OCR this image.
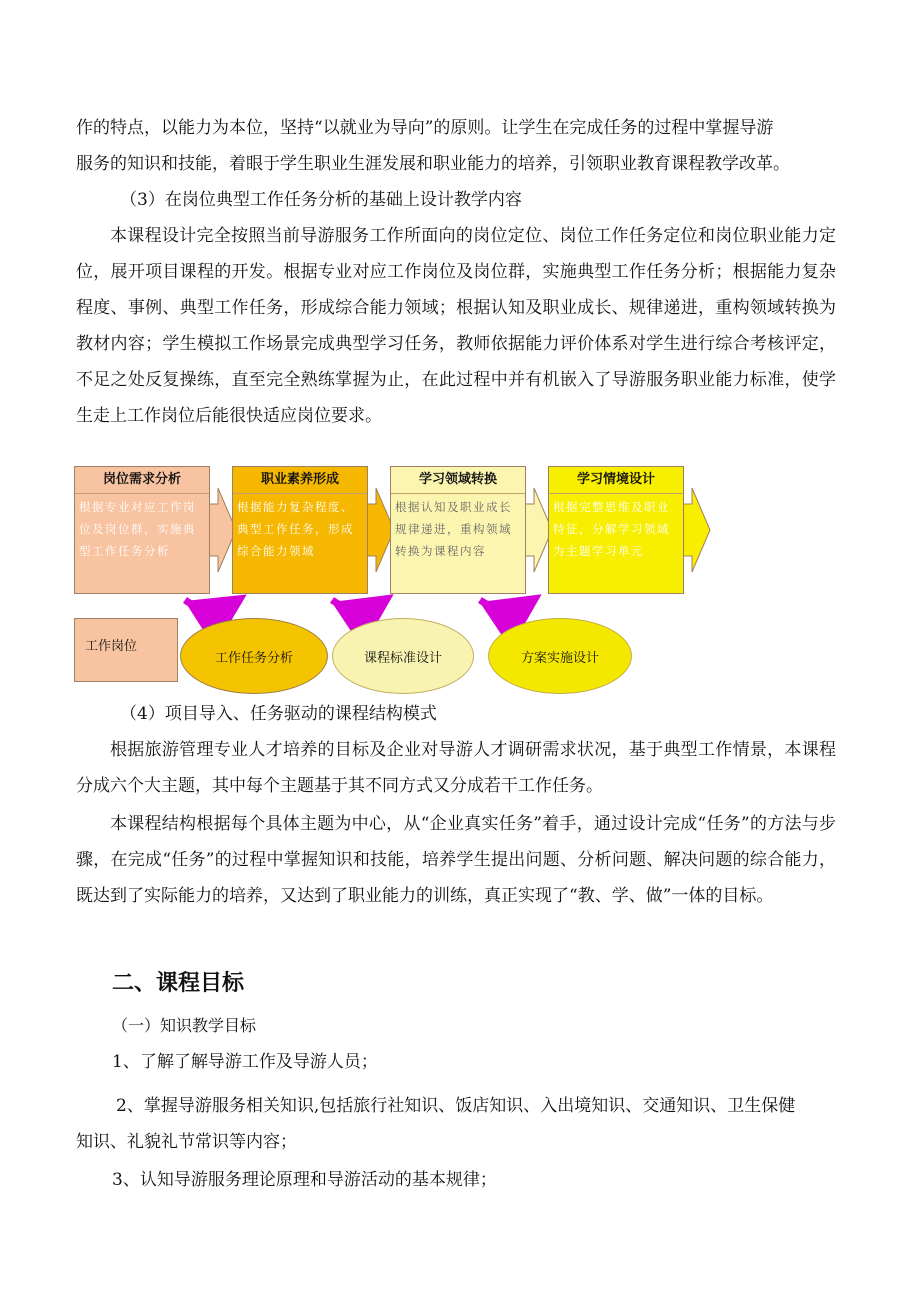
作的特点，以能力为本位，坚持“以就业为导向”的原则。让学生在完成任务的过程中掌握导游

服务的知识和技能，着眼于学生职业生涯发展和职业能力的培养，引领职业教育课程教学改革。

（3）在岗位典型工作任务分析的基础上设计教学内容

本课程设计完全按照当前导游服务工作所面向的岗位定位、岗位工作任务定位和岗位职业能力定位，展开项目课程的开发。根据专业对应工作岗位及岗位群，实施典型工作任务分析；根据能力复杂程度、事例、典型工作任务，形成综合能力领域；根据认知及职业成长、规律递进，重构领域转换为教材内容；学生模拟工作场景完成典型学习任务，教师依据能力评价体系对学生进行综合考核评定，不足之处反复操练，直至完全熟练掌握为止，在此过程中并有机嵌入了导游服务职业能力标准，使学生走上工作岗位后能很快适应岗位要求。

岗位需求分析
根据专业对应工作岗位及岗位群，实施典型工作任务分析
职业素养形成
根据能力复杂程度、典型工作任务，形成综合能力领域
学习领域转换
根据认知及职业成长规律递进，重构领域转换为课程内容
学习情境设计
根据完整思维及职业特征，分解学习领域为主题学习单元
工作岗位
工作任务分析	课程标准设计	方案实施设计

（4）项目导入、任务驱动的课程结构模式

根据旅游管理专业人才培养的目标及企业对导游人才调研需求状况，基于典型工作情景，本课程分成六个大主题，其中每个主题基于其不同方式又分成若干工作任务。

本课程结构根据每个具体主题为中心，从“企业真实任务”着手，通过设计完成“任务”的方法与步骤，在完成“任务”的过程中掌握知识和技能，培养学生提出问题、分析问题、解决问题的综合能力，既达到了实际能力的培养，又达到了职业能力的训练，真正实现了“教、学、做”一体的目标。

二、课程目标

（一）知识教学目标

1、了解了解导游工作及导游人员；

2、掌握导游服务相关知识,包括旅行社知识、饭店知识、入出境知识、交通知识、卫生保健

知识、礼貌礼节常识等内容；

3、认知导游服务理论原理和导游活动的基本规律；
